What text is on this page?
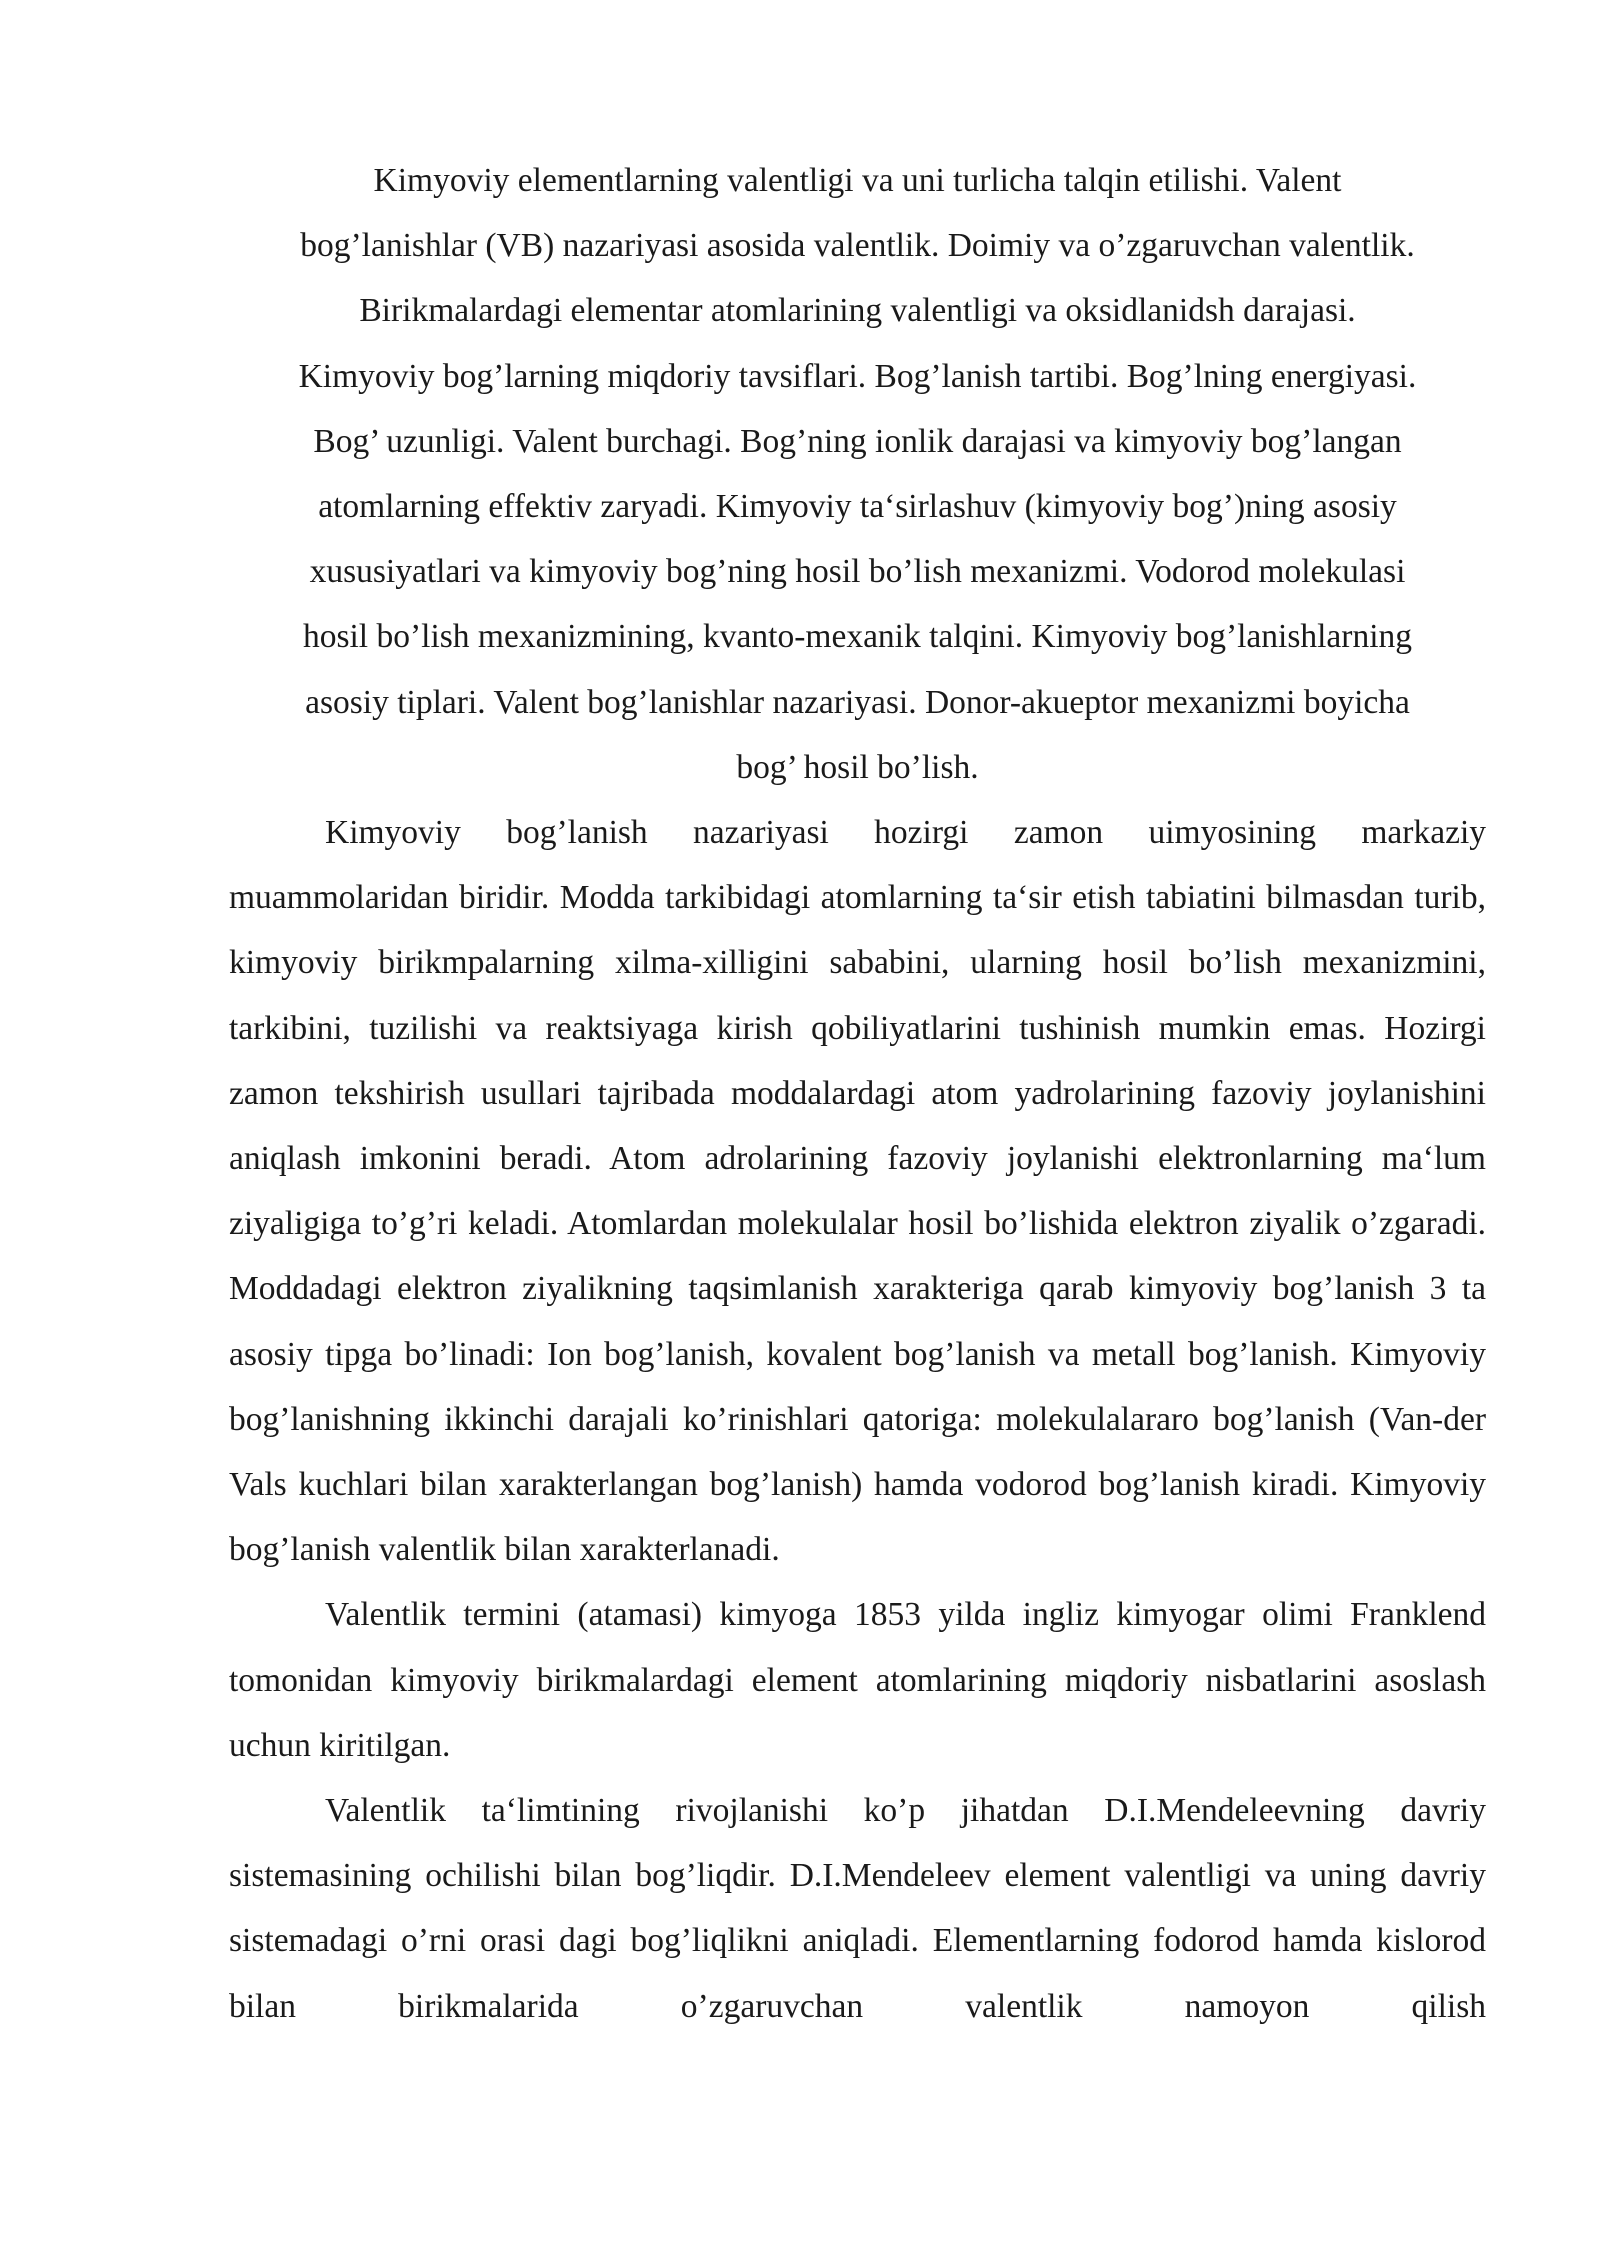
Kimyoviy elementlarning valentligi va uni turlicha talqin etilishi. Valent
bog’lanishlar (VB) nazariyasi asosida valentlik. Doimiy va o’zgaruvchan valentlik.
Birikmalardagi elementar atomlarining valentligi va oksidlanidsh darajasi.
Kimyoviy bog’larning miqdoriy tavsiflari. Bog’lanish tartibi. Bog’lning energiyasi.
Bog’ uzunligi. Valent burchagi. Bog’ning ionlik darajasi va kimyoviy bog’langan
atomlarning effektiv zaryadi. Kimyoviy ta‘sirlashuv (kimyoviy bog’)ning asosiy
xususiyatlari va kimyoviy bog’ning hosil bo’lish mexanizmi. Vodorod molekulasi
hosil bo’lish mexanizmining, kvanto-mexanik talqini. Kimyoviy bog’lanishlarning
asosiy tiplari. Valent bog’lanishlar nazariyasi. Donor-akueptor mexanizmi boyicha
bog’ hosil bo’lish.

Kimyoviy bog’lanish nazariyasi hozirgi zamon uimyosining markaziy muammolaridan biridir. Modda tarkibidagi atomlarning ta‘sir etish tabiatini bilmasdan turib, kimyoviy birikmpalarning xilma-xilligini sababini, ularning hosil bo’lish mexanizmini, tarkibini, tuzilishi va reaktsiyaga kirish qobiliyatlarini tushinish mumkin emas. Hozirgi zamon tekshirish usullari tajribada moddalardagi atom yadrolarining fazoviy joylanishini aniqlash imkonini beradi. Atom adrolarining fazoviy joylanishi elektronlarning ma‘lum ziyaligiga to’g’ri keladi. Atomlardan molekulalar hosil bo’lishida elektron ziyalik o’zgaradi. Moddadagi elektron ziyalikning taqsimlanish xarakteriga qarab kimyoviy bog’lanish 3 ta asosiy tipga bo’linadi: Ion bog’lanish, kovalent bog’lanish va metall bog’lanish. Kimyoviy bog’lanishning ikkinchi darajali ko’rinishlari qatoriga: molekulalararo bog’lanish (Van-der Vals kuchlari bilan xarakterlangan bog’lanish) hamda vodorod bog’lanish kiradi. Kimyoviy bog’lanish valentlik bilan xarakterlanadi.

Valentlik termini (atamasi) kimyoga 1853 yilda ingliz kimyogar olimi Franklend tomonidan kimyoviy birikmalardagi element atomlarining miqdoriy nisbatlarini asoslash uchun kiritilgan.

Valentlik ta‘limtining rivojlanishi ko’p jihatdan D.I.Mendeleevning davriy sistemasining ochilishi bilan bog’liqdir. D.I.Mendeleev element valentligi va uning davriy sistemadagi o’rni orasi dagi bog’liqlikni aniqladi. Elementlarning fodorod hamda kislorod bilan birikmalarida o’zgaruvchan valentlik namoyon qilish
